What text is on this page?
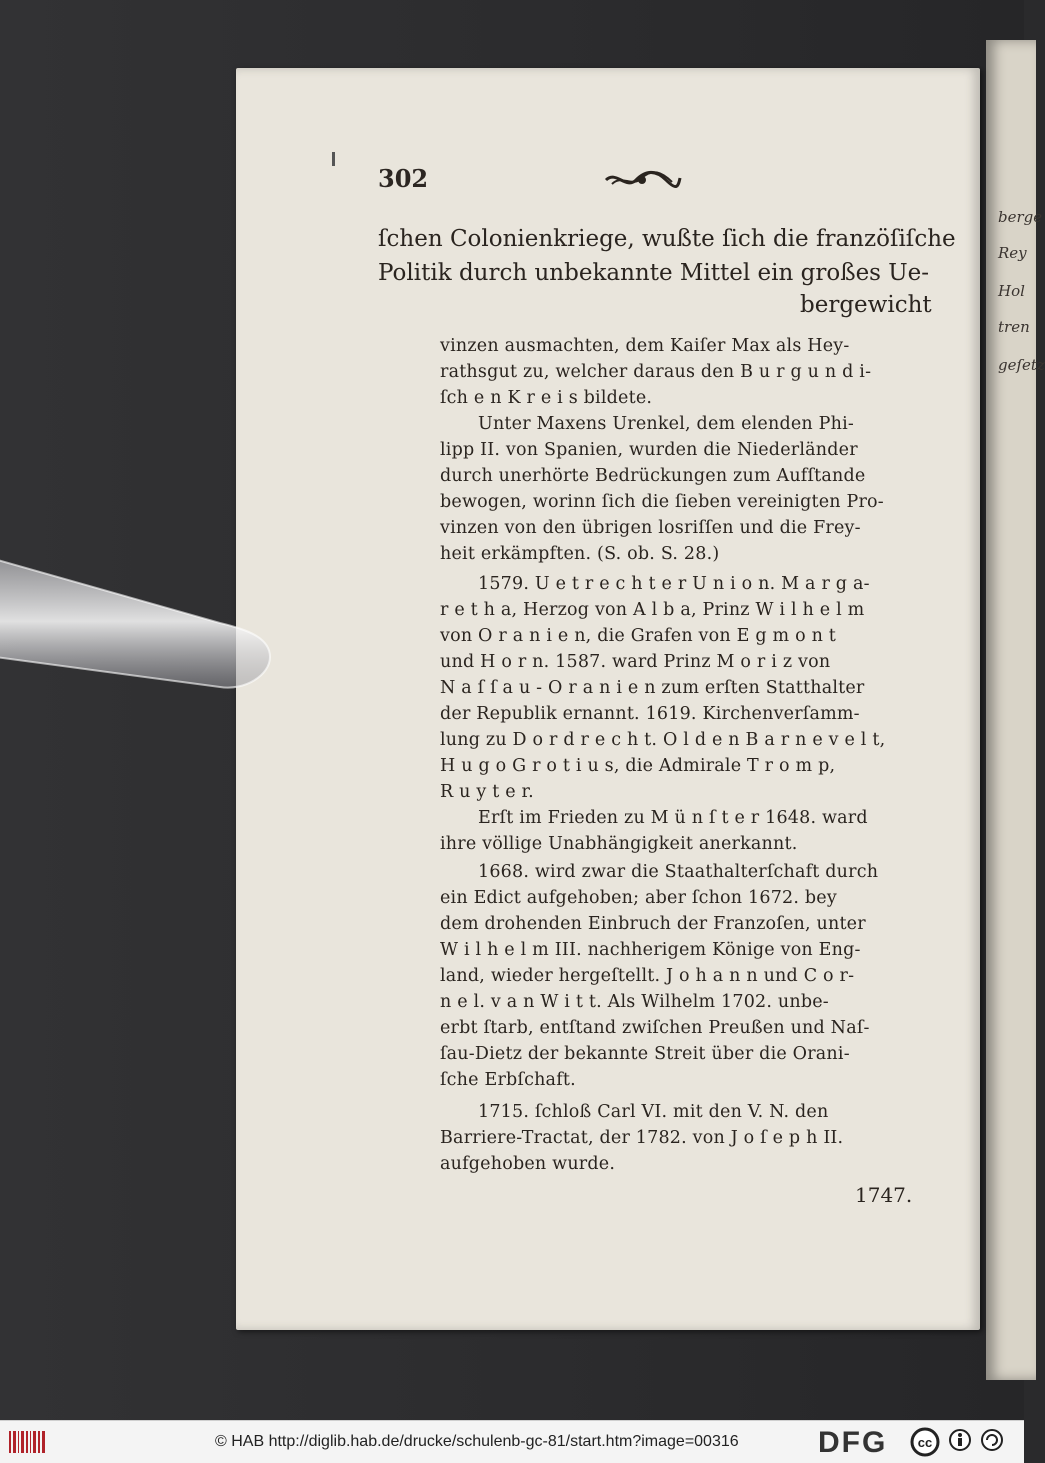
berge
Rey
Hol
tren
geſetz
302
ſchen Colonienkriege, wußte ſich die franzöſiſche
Politik durch unbekannte Mittel ein großes Ue-
bergewicht
vinzen ausmachten, dem Kaiſer Max als Hey-
rathsgut zu, welcher daraus den B u r g u n d i-
ſch e n K r e i s bildete.
Unter Maxens Urenkel, dem elenden Phi-
lipp II. von Spanien, wurden die Niederländer
durch unerhörte Bedrückungen zum Aufſtande
bewogen, worinn ſich die ſieben vereinigten Pro-
vinzen von den übrigen losriſſen und die Frey-
heit erkämpften. (S. ob. S. 28.)
1579. U e t r e c h t e r U n i o n. M a r g a-
r e t h a, Herzog von A l b a, Prinz W i l h e l m
von O r a n i e n, die Grafen von E g m o n t
und H o r n. 1587. ward Prinz M o r i z von
N a ſ ſ a u - O r a n i e n zum erſten Statthalter
der Republik ernannt. 1619. Kirchenverſamm-
lung zu D o r d r e c h t. O l d e n B a r n e v e l t,
H u g o G r o t i u s, die Admirale T r o m p,
R u y t e r.
Erſt im Frieden zu M ü n ſ t e r 1648. ward
ihre völlige Unabhängigkeit anerkannt.
1668. wird zwar die Staathalterſchaft durch
ein Edict aufgehoben; aber ſchon 1672. bey
dem drohenden Einbruch der Franzoſen, unter
W i l h e l m III. nachherigem Könige von Eng-
land, wieder hergeſtellt. J o h a n n und C o r-
n e l. v a n W i t t. Als Wilhelm 1702. unbe-
erbt ſtarb, entſtand zwiſchen Preußen und Naſ-
ſau-Dietz der bekannte Streit über die Orani-
ſche Erbſchaft.
1715. ſchloß Carl VI. mit den V. N. den
Barriere-Tractat, der 1782. von J o ſ e p h II.
aufgehoben wurde.
1747.
© HAB http://diglib.hab.de/drucke/schulenb-gc-81/start.htm?image=00316	DFG cc
